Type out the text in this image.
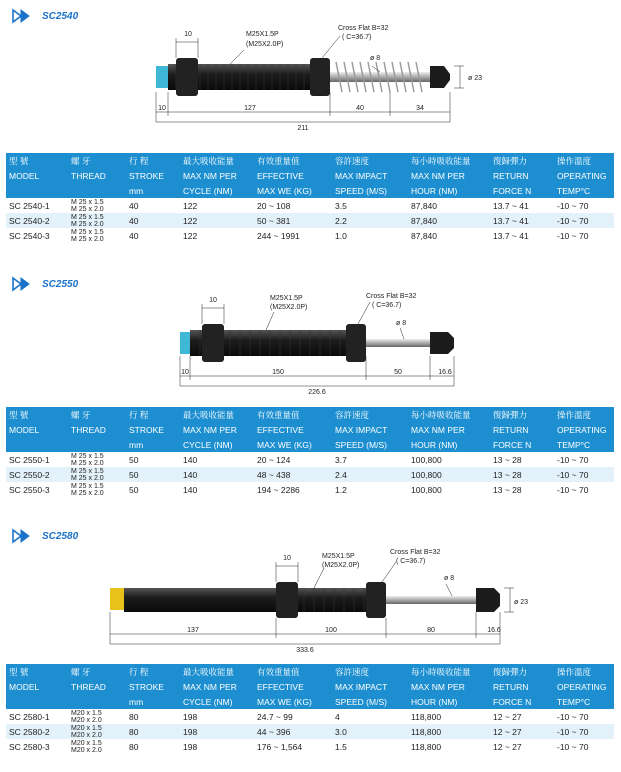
SC2540
10	M25X1.5P
(M25X2.0P)
Cross Flat B=32
( C=36.7)
ø 8
ø 23
10	127	40	34
211
型 號	螺 牙	行 程	最大吸收能量	有效重量值	容許速度	每小時吸收能量	復歸彈力	操作溫度
MODEL	THREAD	STROKE	MAX NM PER	EFFECTIVE	MAX IMPACT	MAX NM PER	RETURN	OPERATING
		mm	CYCLE (NM)	MAX WE (KG)	SPEED (M/S)	HOUR (NM)	FORCE N	TEMP°C
SC 2540-1	M 25 x 1.5
M 25 x 2.0	40	122	20 ~ 108	3.5	87,840	13.7 ~ 41	-10 ~ 70
SC 2540-2	M 25 x 1.5
M 25 x 2.0	40	122	50 ~ 381	2.2	87,840	13.7 ~ 41	-10 ~ 70
SC 2540-3	M 25 x 1.5
M 25 x 2.0	40	122	244 ~ 1991	1.0	87,840	13.7 ~ 41	-10 ~ 70
SC2550
10	M25X1.5P
(M25X2.0P)
Cross Flat B=32
( C=36.7)
ø 8
10	150	50	16.6
226.6
型 號	螺 牙	行 程	最大吸收能量	有效重量值	容許速度	每小時吸收能量	復歸彈力	操作溫度
MODEL	THREAD	STROKE	MAX NM PER	EFFECTIVE	MAX IMPACT	MAX NM PER	RETURN	OPERATING
		mm	CYCLE (NM)	MAX WE (KG)	SPEED (M/S)	HOUR (NM)	FORCE N	TEMP°C
SC 2550-1	M 25 x 1.5
M 25 x 2.0	50	140	20 ~ 124	3.7	100,800	13 ~ 28	-10 ~ 70
SC 2550-2	M 25 x 1.5
M 25 x 2.0	50	140	48 ~ 438	2.4	100,800	13 ~ 28	-10 ~ 70
SC 2550-3	M 25 x 1.5
M 25 x 2.0	50	140	194 ~ 2286	1.2	100,800	13 ~ 28	-10 ~ 70
SC2580
10	M25X1.5P
(M25X2.0P)
Cross Flat B=32
( C=36.7)
ø 8
ø 23
137	100	80	16.6
333.6
型 號	螺 牙	行 程	最大吸收能量	有效重量值	容許速度	每小時吸收能量	復歸彈力	操作溫度
MODEL	THREAD	STROKE	MAX NM PER	EFFECTIVE	MAX IMPACT	MAX NM PER	RETURN	OPERATING
		mm	CYCLE (NM)	MAX WE (KG)	SPEED (M/S)	HOUR (NM)	FORCE N	TEMP°C
SC 2580-1	M20 x 1.5
M20 x 2.0	80	198	24.7 ~ 99	4	118,800	12 ~ 27	-10 ~ 70
SC 2580-2	M20 x 1.5
M20 x 2.0	80	198	44 ~ 396	3.0	118,800	12 ~ 27	-10 ~ 70
SC 2580-3	M20 x 1.5
M20 x 2.0	80	198	176 ~ 1,564	1.5	118,800	12 ~ 27	-10 ~ 70
